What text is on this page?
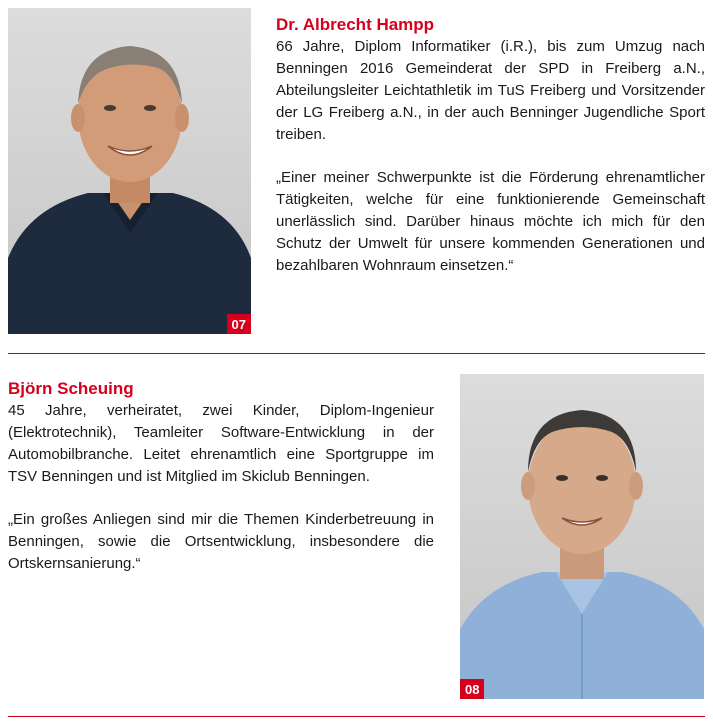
07
Dr. Albrecht Hampp

66 Jahre, Diplom Informatiker (i.R.), bis zum Umzug nach Benningen 2016 Gemeinderat der SPD in Freiberg a.N., Abteilungsleiter Leichtathletik im TuS Freiberg und Vorsitzender der LG Freiberg a.N., in der auch Benninger Jugendliche Sport treiben.

„Einer meiner Schwerpunkte ist die Förderung ehrenamtlicher Tätigkeiten, welche für eine funktionierende Gemeinschaft unerlässlich sind. Darüber hinaus möchte ich mich für den Schutz der Umwelt für unsere kommenden Generationen und bezahlbaren Wohnraum einsetzen.“

Björn Scheuing

45 Jahre, verheiratet, zwei Kinder, Diplom-Ingenieur (Elektrotechnik), Teamleiter Software-Entwicklung in der Automobilbranche. Leitet ehrenamtlich eine Sportgruppe im TSV Benningen und ist Mitglied im Skiclub Benningen.

„Ein großes Anliegen sind mir die Themen Kinderbetreuung in Benningen, sowie die Ortsentwicklung, insbesondere die Ortskernsanierung.“

08
